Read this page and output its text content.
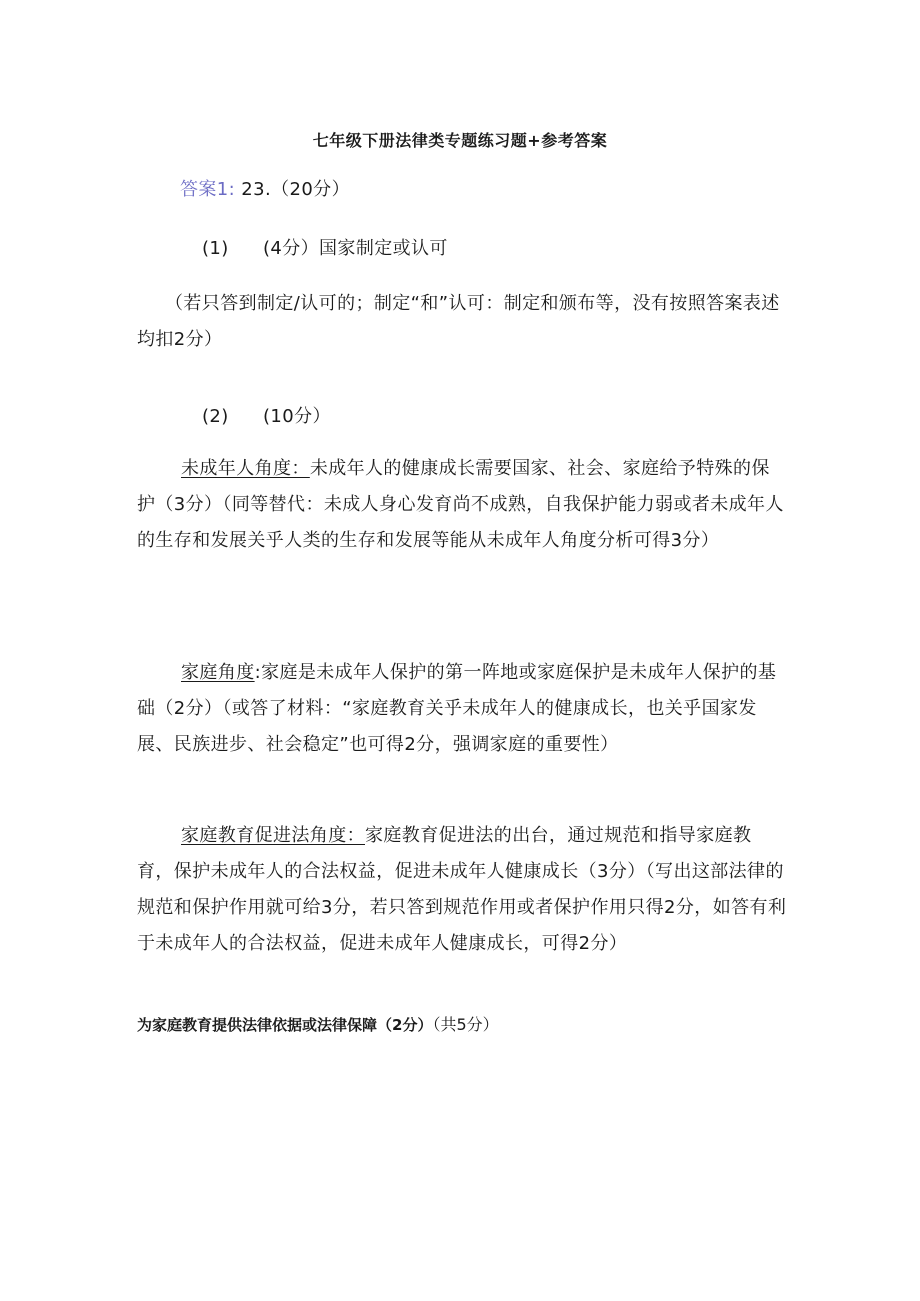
七年级下册法律类专题练习题+参考答案
答案1: 23.（20分）
(1) (4分）国家制定或认可
（若只答到制定/认可的；制定“和”认可：制定和颁布等，没有按照答案表述均扣2分）
(2) (10分）
未成年人角度：未成年人的健康成长需要国家、社会、家庭给予特殊的保护（3分）（同等替代：未成人身心发育尚不成熟，自我保护能力弱或者未成年人的生存和发展关乎人类的生存和发展等能从未成年人角度分析可得3分）
家庭角度:家庭是未成年人保护的第一阵地或家庭保护是未成年人保护的基础（2分）（或答了材料：“家庭教育关乎未成年人的健康成长，也关乎国家发展、民族进步、社会稳定”也可得2分，强调家庭的重要性）
家庭教育促进法角度：家庭教育促进法的出台，通过规范和指导家庭教育，保护未成年人的合法权益，促进未成年人健康成长（3分）（写出这部法律的规范和保护作用就可给3分，若只答到规范作用或者保护作用只得2分，如答有利于未成年人的合法权益，促进未成年人健康成长，可得2分）
为家庭教育提供法律依据或法律保障（2分）（共5分）
